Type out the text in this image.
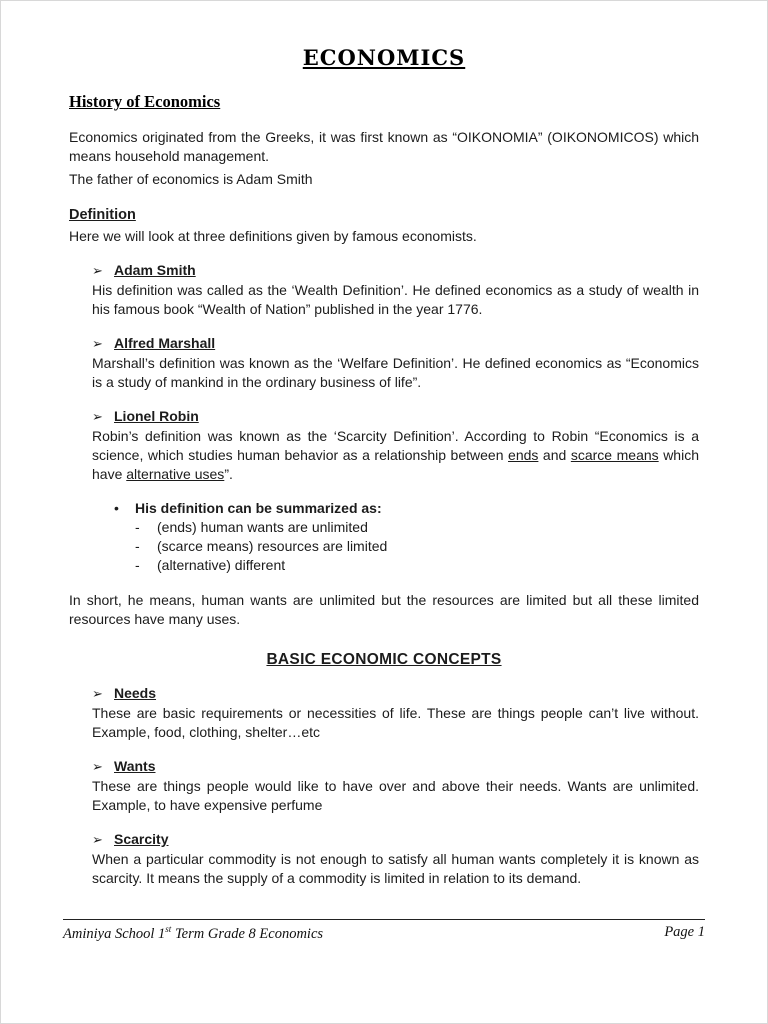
ECONOMICS
History of Economics

Economics originated from the Greeks, it was first known as “OIKONOMIA” (OIKONOMICOS) which means household management.

The father of economics is Adam Smith

Definition

Here we will look at three definitions given by famous economists.

➢ Adam Smith

His definition was called as the ‘Wealth Definition’. He defined economics as a study of wealth in his famous book “Wealth of Nation” published in the year 1776.

➢ Alfred Marshall

Marshall’s definition was known as the ‘Welfare Definition’. He defined economics as “Economics is a study of mankind in the ordinary business of life”.

➢ Lionel Robin

Robin’s definition was known as the ‘Scarcity Definition’. According to Robin “Economics is a science, which studies human behavior as a relationship between ends and scarce means which have alternative uses”.

• His definition can be summarized as:
- (ends) human wants are unlimited
- (scarce means) resources are limited
- (alternative) different

In short, he means, human wants are unlimited but the resources are limited but all these limited resources have many uses.

BASIC ECONOMIC CONCEPTS
➢ Needs

These are basic requirements or necessities of life. These are things people can’t live without. Example, food, clothing, shelter…etc

➢ Wants

These are things people would like to have over and above their needs. Wants are unlimited. Example, to have expensive perfume

➢ Scarcity

When a particular commodity is not enough to satisfy all human wants completely it is known as scarcity. It means the supply of a commodity is limited in relation to its demand.

Aminiya School 1st Term Grade 8 Economics	Page 1
